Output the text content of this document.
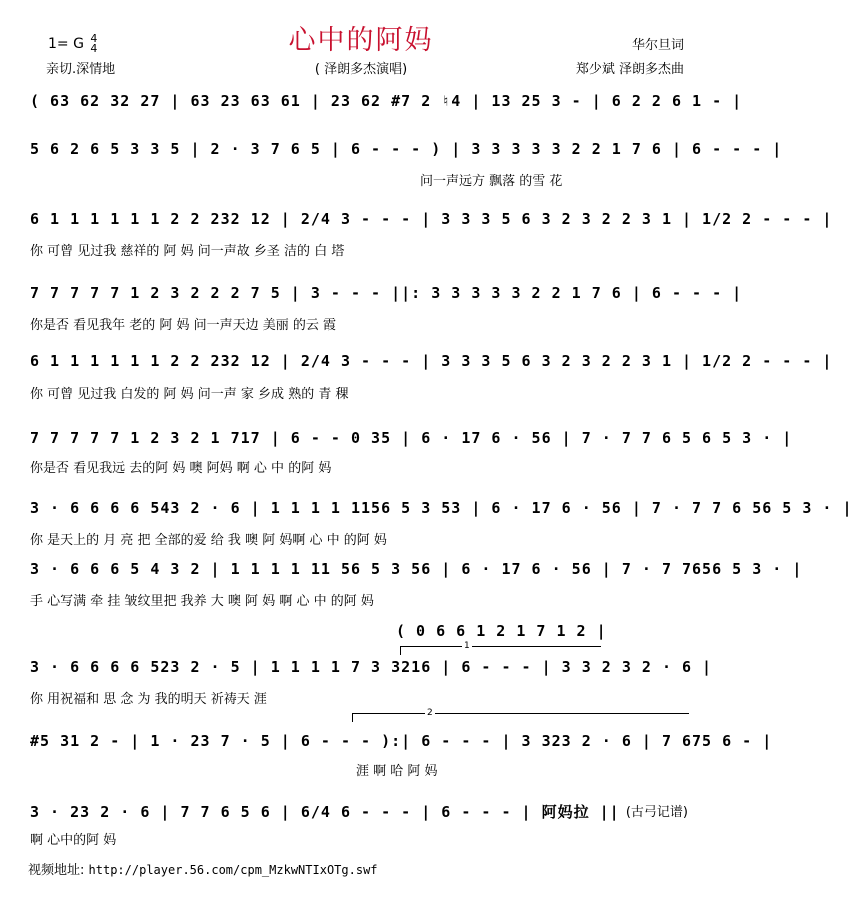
心中的阿妈
1= G 4
4
亲切.深情地	( 泽朗多杰演唱)
华尔旦词
郑少斌 泽朗多杰曲
( 63 62 32 27 | 63 23 63 61 | 23 62 #7 2 ♮4 | 13 25 3 - | 6 2 2 6 1 - |
5 6 2 6 5 3 3 5 | 2 · 3 7 6 5 | 6 - - - ) | 3 3 3 3 3 2 2 1 7 6 | 6 - - - |
问一声远方 飘落 的雪 花
6 1 1 1 1 1 1 2 2 232 12 | 2/4 3 - - - | 3 3 3 5 6 3 2 3 2 2 3 1 | 1/2 2 - - - |
你 可曾 见过我 慈祥的 阿 妈 问一声故 乡圣 洁的 白 塔
7 7 7 7 7 1 2 3 2 2 2 7 5 | 3 - - - ||: 3 3 3 3 3 2 2 1 7 6 | 6 - - - |
你是否 看见我年 老的 阿 妈 问一声天边 美丽 的云 霞
6 1 1 1 1 1 1 2 2 232 12 | 2/4 3 - - - | 3 3 3 5 6 3 2 3 2 2 3 1 | 1/2 2 - - - |
你 可曾 见过我 白发的 阿 妈 问一声 家 乡成 熟的 青 稞
7 7 7 7 7 1 2 3 2 1 717 | 6 - - 0 35 | 6 · 17 6 · 56 | 7 · 7 7 6 5 6 5 3 · |
你是否 看见我远 去的阿 妈 噢 阿妈 啊 心 中 的阿 妈
3 · 6 6 6 6 543 2 · 6 | 1 1 1 1 1156 5 3 53 | 6 · 17 6 · 56 | 7 · 7 7 6 56 5 3 · |
你 是天上的 月 亮 把 全部的爱 给 我 噢 阿 妈啊 心 中 的阿 妈
3 · 6 6 6 5 4 3 2 | 1 1 1 1 11 56 5 3 56 | 6 · 17 6 · 56 | 7 · 7 7656 5 3 · |
手 心写满 牵 挂 皱纹里把 我养 大 噢 阿 妈 啊 心 中 的阿 妈
( 0 6 6 1 2 1 7 1 2 |
1
3 · 6 6 6 6 523 2 · 5 | 1 1 1 1 7 3 3216 | 6 - - - | 3 3 2 3 2 · 6 |
你 用祝福和 思 念 为 我的明天 祈祷天 涯
2
#5 31 2 - | 1 · 23 7 · 5 | 6 - - - ):| 6 - - - | 3 323 2 · 6 | 7 675 6 - |
涯 啊 哈 阿 妈
3 · 23 2 · 6 | 7 7 6 5 6 | 6/4 6 - - - | 6 - - - | 阿妈拉 ||
啊 心中的阿 妈
(古弓记谱)
视频地址: http://player.56.com/cpm_MzkwNTIxOTg.swf
